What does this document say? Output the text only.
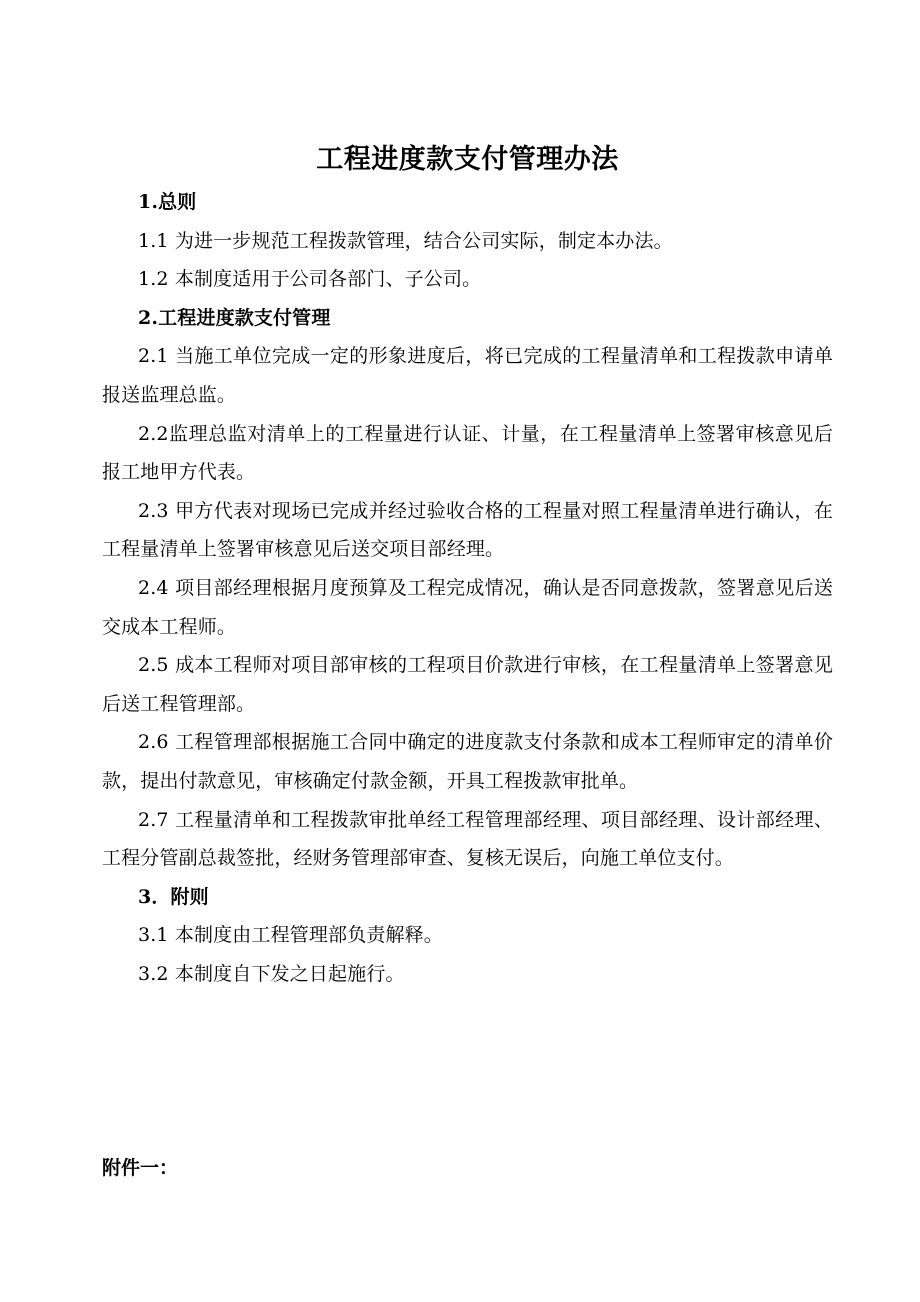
工程进度款支付管理办法

1.总则

1.1 为进一步规范工程拨款管理，结合公司实际，制定本办法。

1.2 本制度适用于公司各部门、子公司。

2.工程进度款支付管理

2.1 当施工单位完成一定的形象进度后，将已完成的工程量清单和工程拨款申请单报送监理总监。

2.2监理总监对清单上的工程量进行认证、计量，在工程量清单上签署审核意见后报工地甲方代表。

2.3 甲方代表对现场已完成并经过验收合格的工程量对照工程量清单进行确认，在工程量清单上签署审核意见后送交项目部经理。

2.4 项目部经理根据月度预算及工程完成情况，确认是否同意拨款，签署意见后送交成本工程师。

2.5 成本工程师对项目部审核的工程项目价款进行审核，在工程量清单上签署意见后送工程管理部。

2.6 工程管理部根据施工合同中确定的进度款支付条款和成本工程师审定的清单价款，提出付款意见，审核确定付款金额，开具工程拨款审批单。

2.7 工程量清单和工程拨款审批单经工程管理部经理、项目部经理、设计部经理、工程分管副总裁签批，经财务管理部审查、复核无误后，向施工单位支付。

3．附则

3.1 本制度由工程管理部负责解释。

3.2 本制度自下发之日起施行。

附件一：
